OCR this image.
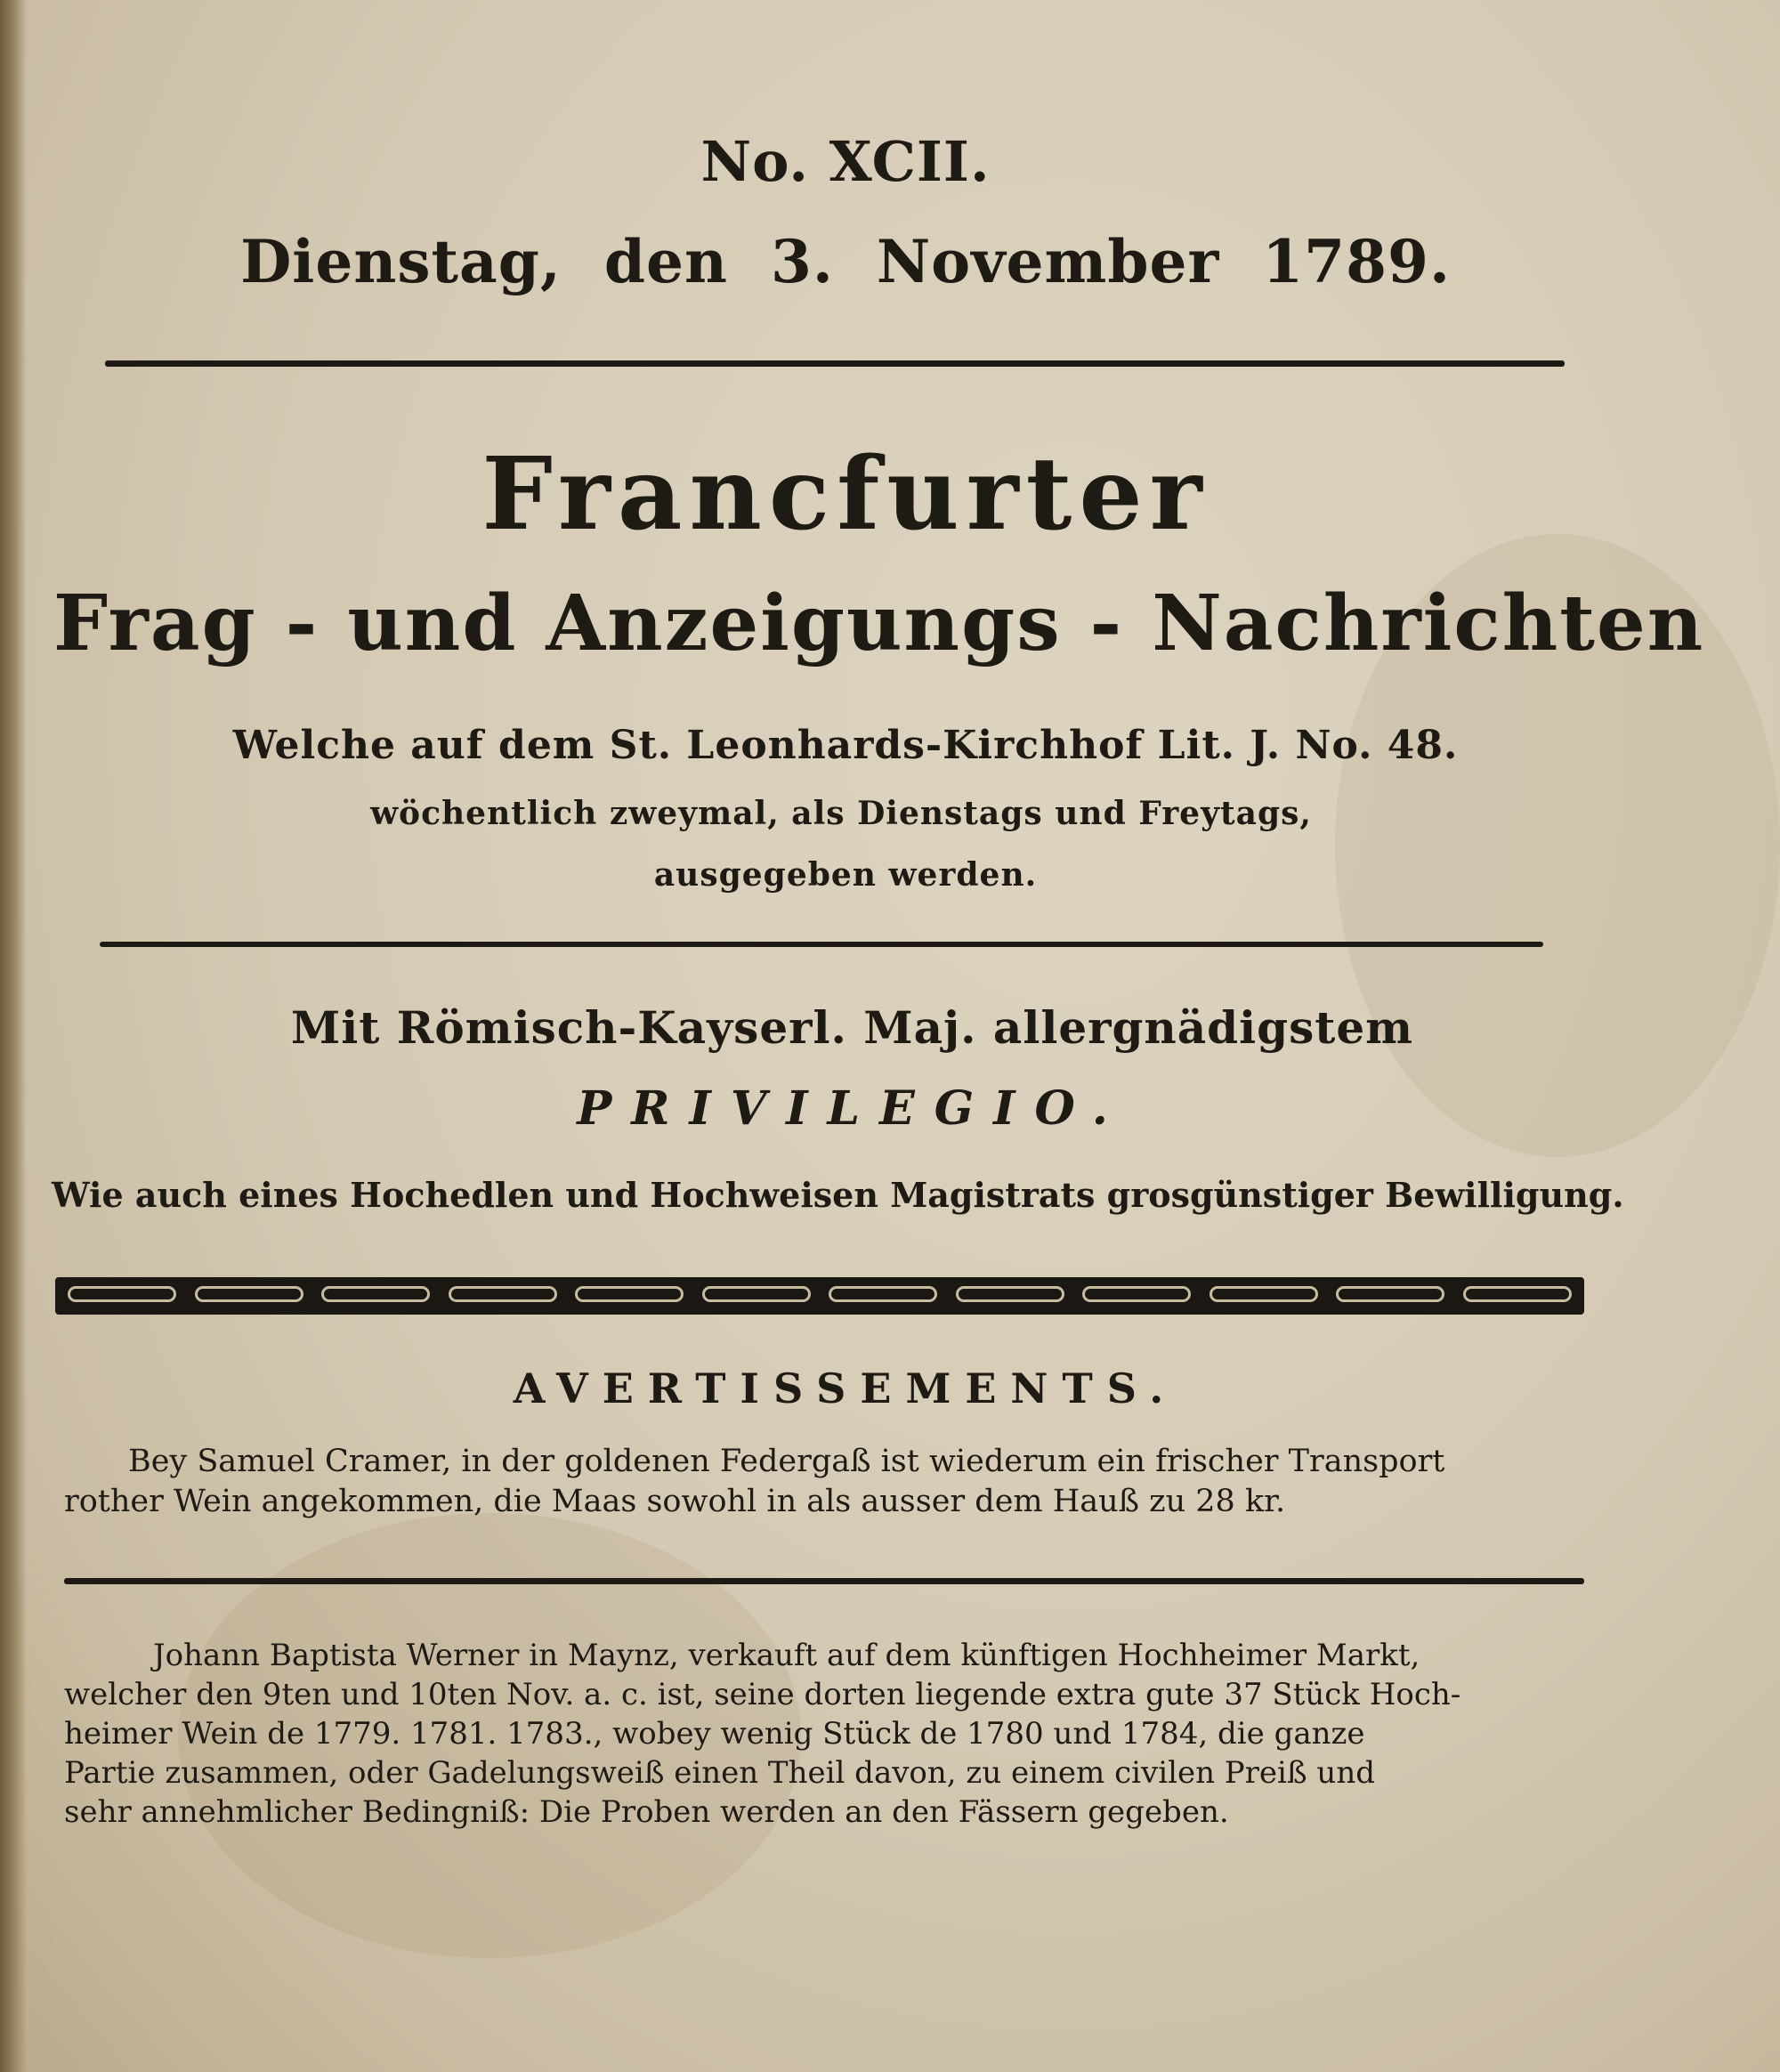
No. XCII.
Dienstag, den 3. November 1789.
Francfurter
Frag - und Anzeigungs - Nachrichten
Welche auf dem St. Leonhards-Kirchhof Lit. J. No. 48.
wöchentlich zweymal, als Dienstags und Freytags,
ausgegeben werden.
Mit Römisch-Kayserl. Maj. allergnädigstem
PRIVILEGIO.
Wie auch eines Hochedlen und Hochweisen Magistrats grosgünstiger Bewilligung.
AVERTISSEMENTS.
Bey Samuel Cramer, in der goldenen Federgaß ist wiederum ein frischer Transport
rother Wein angekommen, die Maas sowohl in als ausser dem Hauß zu 28 kr.
Johann Baptista Werner in Maynz, verkauft auf dem künftigen Hochheimer Markt,
welcher den 9ten und 10ten Nov. a. c. ist, seine dorten liegende extra gute 37 Stück Hoch-
heimer Wein de 1779. 1781. 1783., wobey wenig Stück de 1780 und 1784, die ganze
Partie zusammen, oder Gadelungsweiß einen Theil davon, zu einem civilen Preiß und
sehr annehmlicher Bedingniß: Die Proben werden an den Fässern gegeben.
